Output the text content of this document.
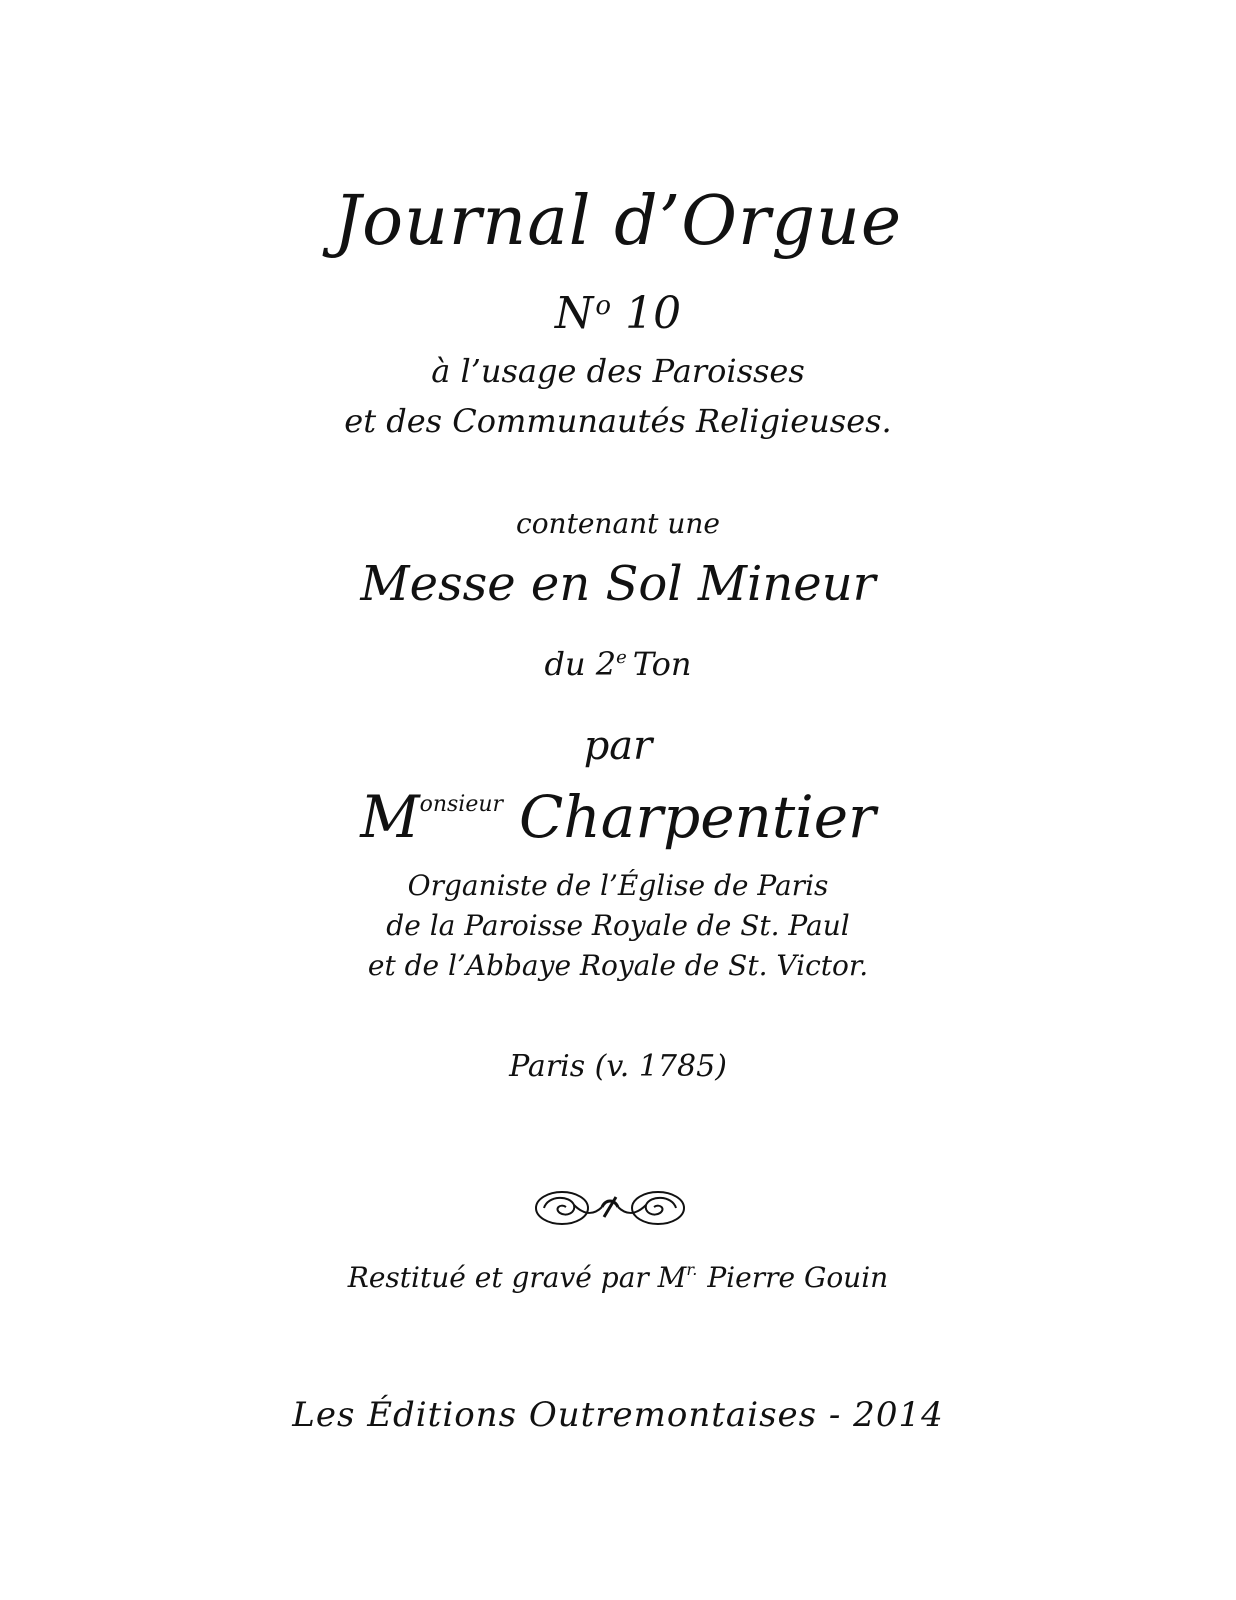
Journal d’Orgue
$N^o$ 10
à l’usage des Paroisses
et des Communautés Religieuses.
contenant une
Messe en Sol Mineur
du 2e Ton
par
$M^{onsieur}$ Charpentier
Organiste de l’Église de Paris
de la Paroisse Royale de St. Paul
et de l’Abbaye Royale de St. Victor.
Paris (v. 1785)
Restitué et gravé par $M^{r.}$ Pierre Gouin
Les Éditions Outremontaises - 2014
